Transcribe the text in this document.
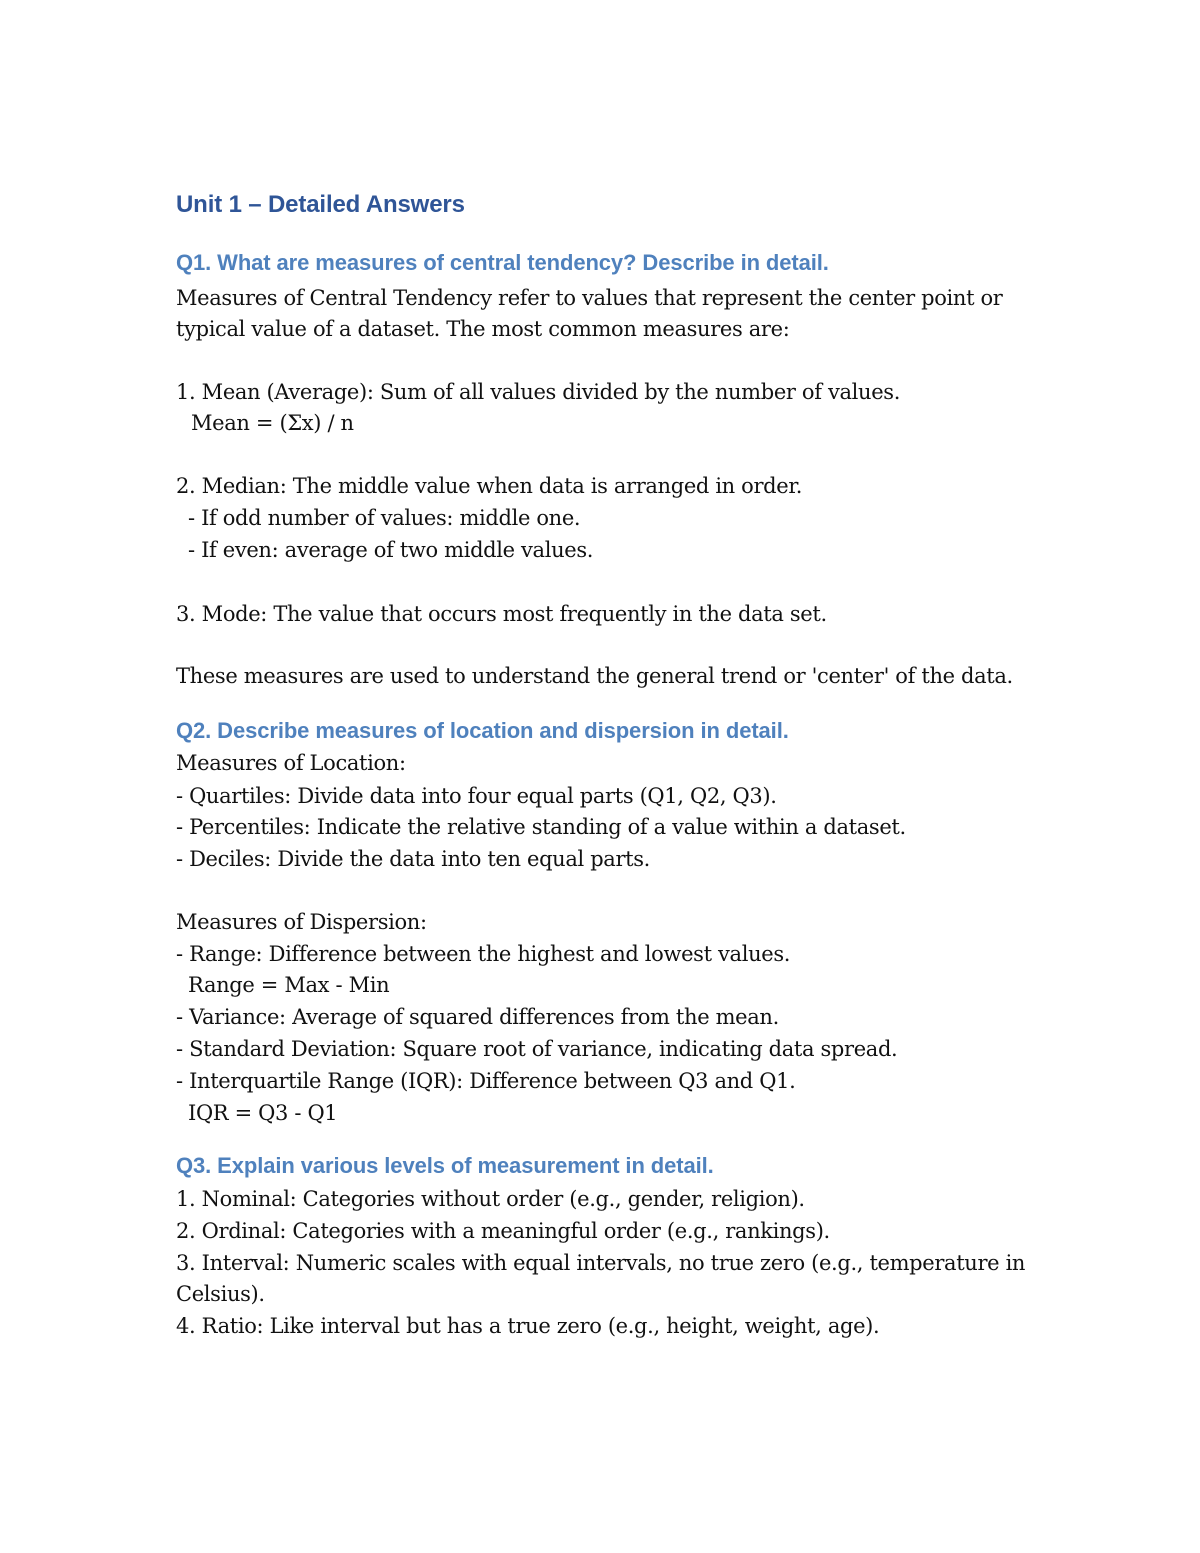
Unit 1 – Detailed Answers
Q1. What are measures of central tendency? Describe in detail.
Measures of Central Tendency refer to values that represent the center point or
typical value of a dataset. The most common measures are:
1. Mean (Average): Sum of all values divided by the number of values.
Mean = (Σx) / n
2. Median: The middle value when data is arranged in order.
- If odd number of values: middle one.
- If even: average of two middle values.
3. Mode: The value that occurs most frequently in the data set.
These measures are used to understand the general trend or 'center' of the data.
Q2. Describe measures of location and dispersion in detail.
Measures of Location:
- Quartiles: Divide data into four equal parts (Q1, Q2, Q3).
- Percentiles: Indicate the relative standing of a value within a dataset.
- Deciles: Divide the data into ten equal parts.
Measures of Dispersion:
- Range: Difference between the highest and lowest values.
Range = Max - Min
- Variance: Average of squared differences from the mean.
- Standard Deviation: Square root of variance, indicating data spread.
- Interquartile Range (IQR): Difference between Q3 and Q1.
IQR = Q3 - Q1
Q3. Explain various levels of measurement in detail.
1. Nominal: Categories without order (e.g., gender, religion).
2. Ordinal: Categories with a meaningful order (e.g., rankings).
3. Interval: Numeric scales with equal intervals, no true zero (e.g., temperature in
Celsius).
4. Ratio: Like interval but has a true zero (e.g., height, weight, age).
